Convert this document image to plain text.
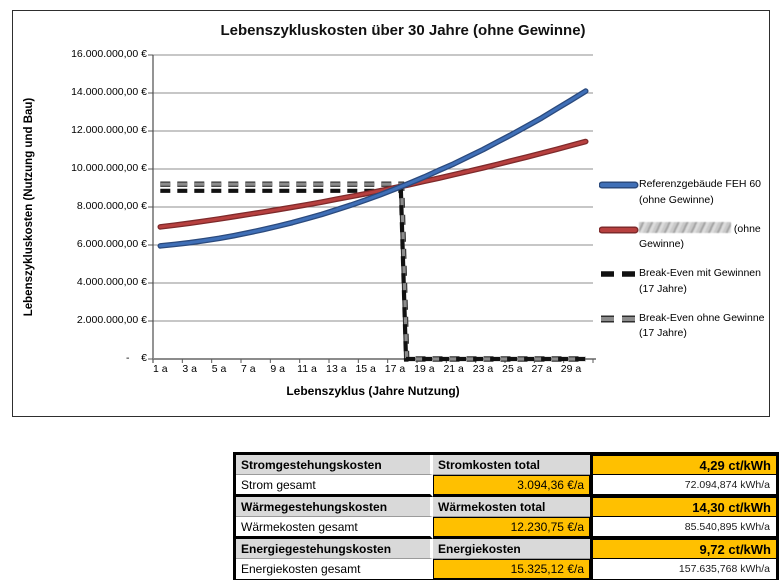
Lebenszykluskosten über 30 Jahre (ohne Gewinne)
Lebenszykluskosten (Nutzung und Bau)
Lebenszyklus (Jahre Nutzung)
Referenzgebäude FEH 60 (ohne Gewinne)
(ohne Gewinne)
Break-Even mit Gewinnen (17 Jahre)
Break-Even ohne Gewinne (17 Jahre)
-    €
2.000.000,00 €
4.000.000,00 €
6.000.000,00 €
8.000.000,00 €
10.000.000,00 €
12.000.000,00 €
14.000.000,00 €
16.000.000,00 €
1 a	3 a	5 a	7 a	9 a	11 a 13 a 15 a 17 a 19 a 21 a 23 a 25 a 27 a 29 a
Stromgestehungskosten	Stromkosten total	4,29 ct/kWh
Strom gesamt	3.094,36 €/a	72.094,874 kWh/a
Wärmegestehungskosten	Wärmekosten total	14,30 ct/kWh
Wärmekosten gesamt	12.230,75 €/a	85.540,895 kWh/a
Energiegestehungskosten	Energiekosten	9,72 ct/kWh
Energiekosten gesamt	15.325,12 €/a	157.635,768 kWh/a
